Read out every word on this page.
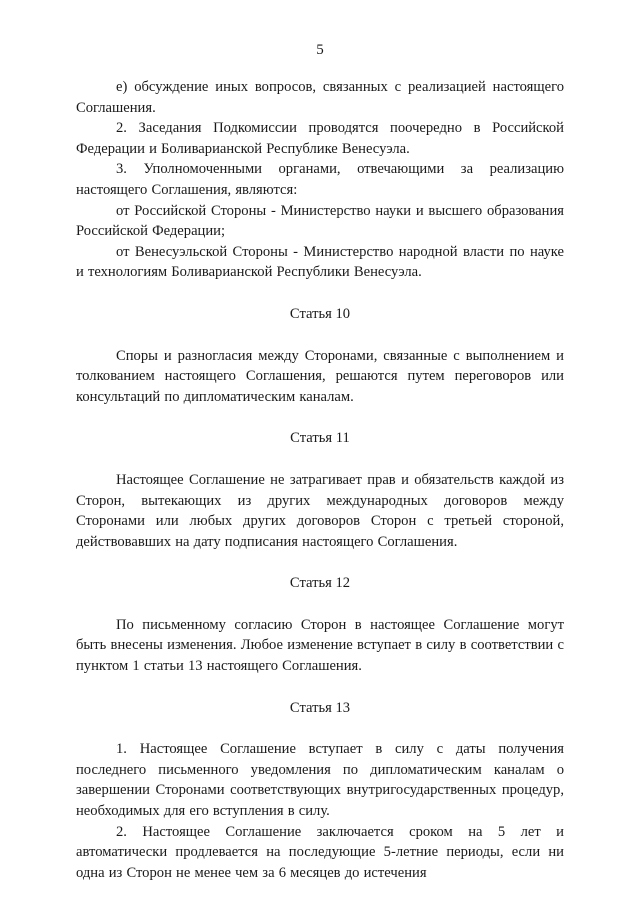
5

е) обсуждение иных вопросов, связанных с реализацией настоящего Соглашения.

2. Заседания Подкомиссии проводятся поочередно в Российской Федерации и Боливарианской Республике Венесуэла.

3. Уполномоченными органами, отвечающими за реализацию настоящего Соглашения, являются:

от Российской Стороны - Министерство науки и высшего образования Российской Федерации;

от Венесуэльской Стороны - Министерство народной власти по науке и технологиям Боливарианской Республики Венесуэла.

Статья 10

Споры и разногласия между Сторонами, связанные с выполнением и толкованием настоящего Соглашения, решаются путем переговоров или консультаций по дипломатическим каналам.

Статья 11

Настоящее Соглашение не затрагивает прав и обязательств каждой из Сторон, вытекающих из других международных договоров между Сторонами или любых других договоров Сторон с третьей стороной, действовавших на дату подписания настоящего Соглашения.

Статья 12

По письменному согласию Сторон в настоящее Соглашение могут быть внесены изменения. Любое изменение вступает в силу в соответствии с пунктом 1 статьи 13 настоящего Соглашения.

Статья 13

1. Настоящее Соглашение вступает в силу с даты получения последнего письменного уведомления по дипломатическим каналам о завершении Сторонами соответствующих внутригосударственных процедур, необходимых для его вступления в силу.

2. Настоящее Соглашение заключается сроком на 5 лет и автоматически продлевается на последующие 5-летние периоды, если ни одна из Сторон не менее чем за 6 месяцев до истечения
